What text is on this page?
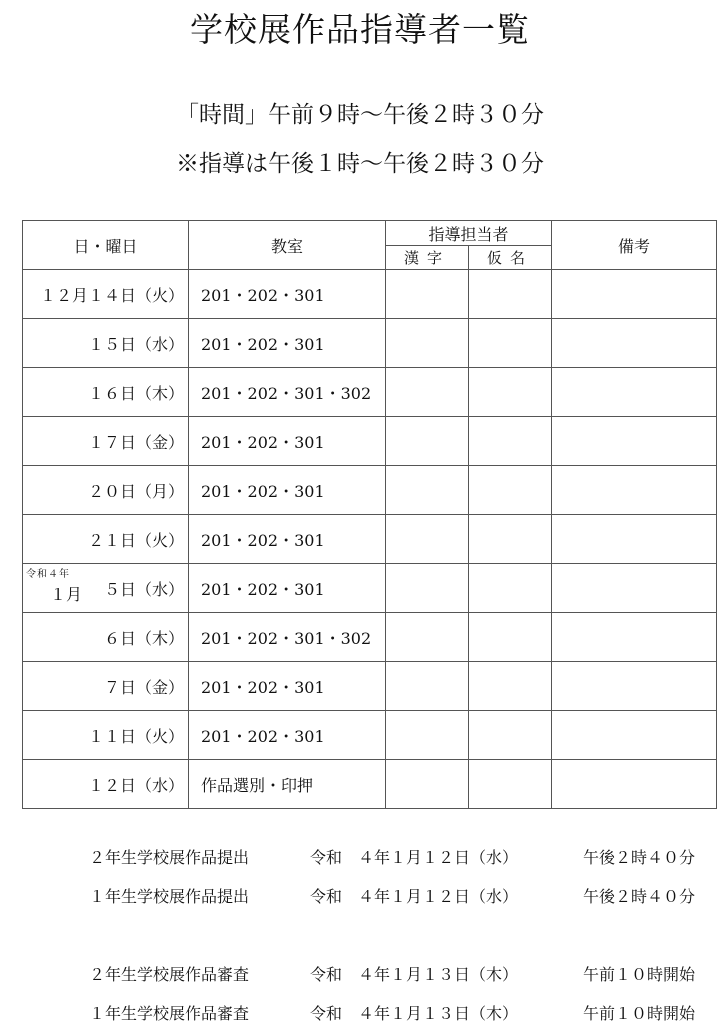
学校展作品指導者一覧
「時間」午前９時～午後２時３０分
※指導は午後１時～午後２時３０分
日・曜日	教室	指導担当者		備考
		漢字	仮名	
１２月１４日（火）	201・202・301			
１５日（水）	201・202・301			
１６日（木）	201・202・301・302			
１７日（金）	201・202・301			
２０日（月）	201・202・301			
２１日（火）	201・202・301			

令和４年
１月 ５日（水）	201・202・301			
６日（木）	201・202・301・302			
７日（金）	201・202・301			
１１日（火）	201・202・301			
１２日（水）	作品選別・印押			
２年生学校展作品提出	令和　４年１月１２日（水）	午後２時４０分
１年生学校展作品提出	令和　４年１月１２日（水）	午後２時４０分
２年生学校展作品審査	令和　４年１月１３日（木）	午前１０時開始
１年生学校展作品審査	令和　４年１月１３日（木）	午前１０時開始
